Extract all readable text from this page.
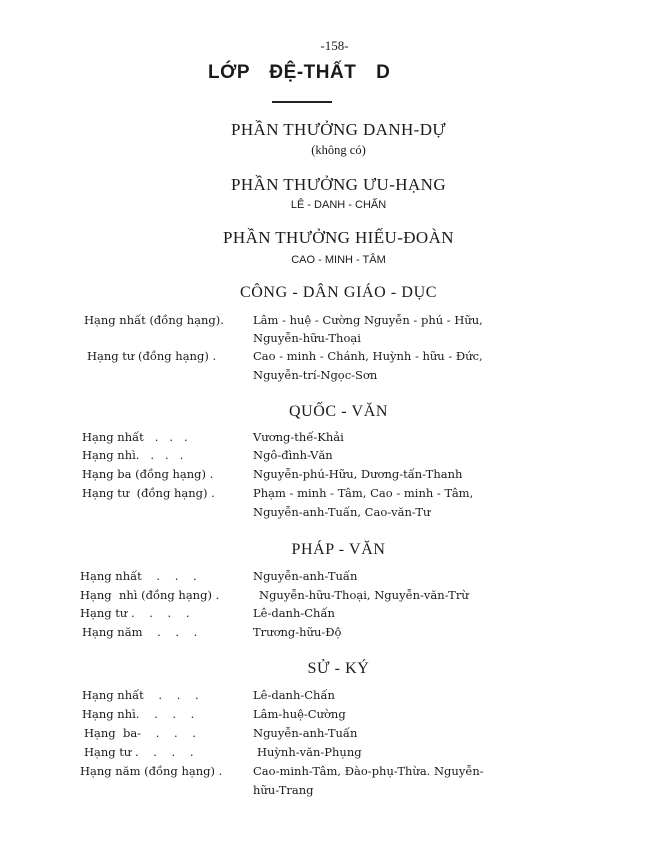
-158-
LỚP ĐỆ-THẤT D
PHẦN THƯỞNG DANH-DỰ
(không có)
PHẦN THƯỞNG ƯU-HẠNG
LÊ - DANH - CHẤN
PHẦN THƯỞNG HIẾU-ĐOÀN
CAO - MINH - TÂM
CÔNG - DÂN GIÁO - DỤC
Hạng nhất (đồng hạng).	Lâm - huệ - Cường Nguyễn - phú - Hữu,
Nguyễn-hữu-Thoại
Hạng tư (đồng hạng) .	Cao - minh - Chánh, Huỳnh - hữu - Đức,
Nguyễn-trí-Ngọc-Sơn
QUỐC - VĂN
Hạng nhất   .   .   .	Vương-thế-Khải
Hạng nhì.   .   .   .	Ngô-đình-Văn
Hạng ba (đồng hạng) .	Nguyễn-phú-Hữu, Dương-tấn-Thanh
Hạng tư  (đồng hạng) .	Phạm - minh - Tâm, Cao - minh - Tâm,
Nguyễn-anh-Tuấn, Cao-văn-Tư
PHÁP - VĂN
Hạng nhất    .    .    .	Nguyễn-anh-Tuấn
Hạng  nhì (đồng hạng) .	Nguyễn-hữu-Thoại, Nguyễn-văn-Trừ
Hạng tư .    .    .    .	Lê-danh-Chấn
Hạng năm    .    .    .	Trương-hữu-Độ
SỬ - KÝ
Hạng nhất    .    .    .	Lê-danh-Chấn
Hạng nhì.    .    .    .	Lâm-huệ-Cường
Hạng  ba-    .    .    .	Nguyễn-anh-Tuấn
Hạng tư .    .    .    .	Huỳnh-văn-Phụng
Hạng năm (đồng hạng) .	Cao-minh-Tâm, Đào-phụ-Thừa. Nguyễn-
hữu-Trang
